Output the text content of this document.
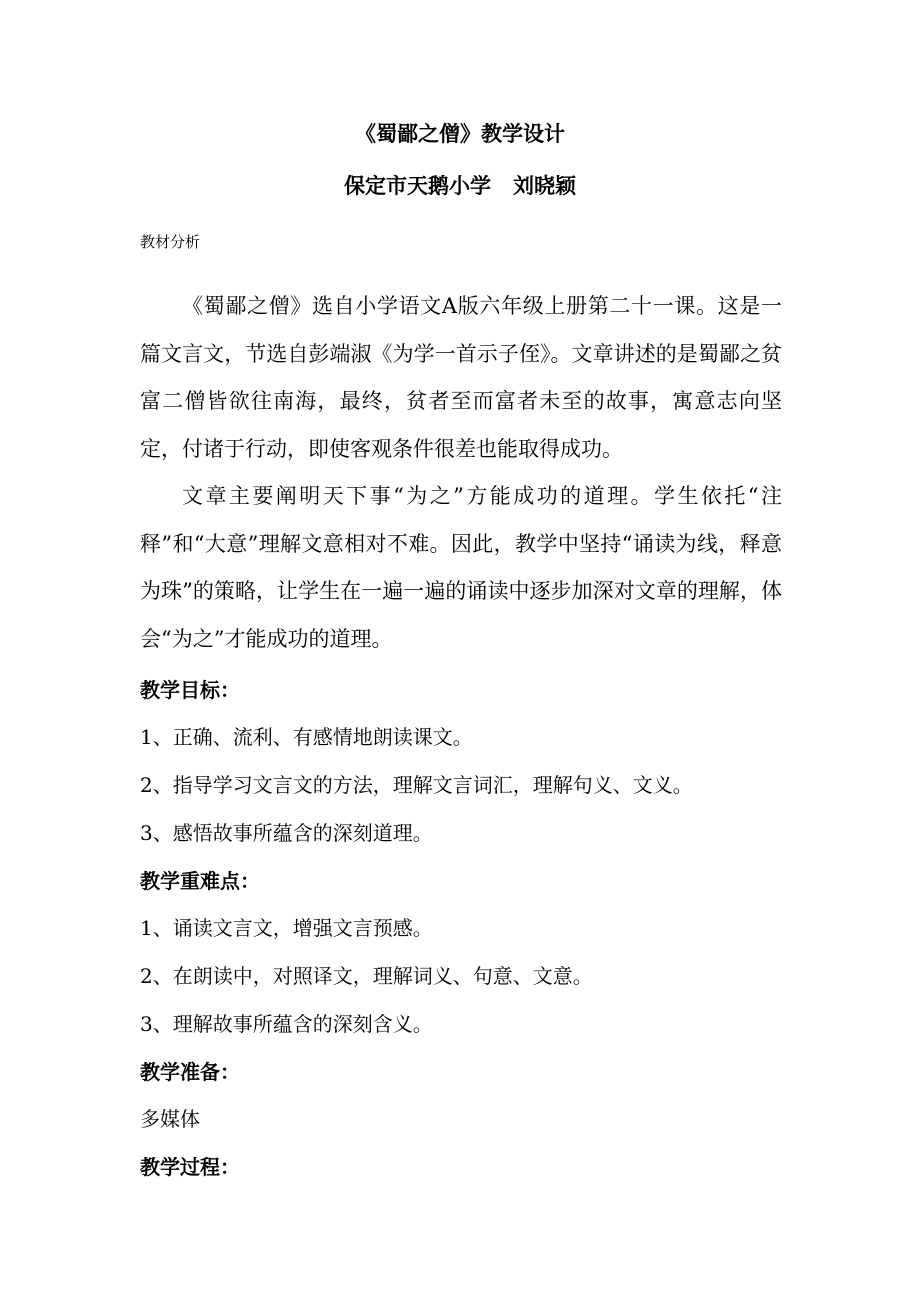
《蜀鄙之僧》教学设计
保定市天鹅小学 刘晓颖
教材分析

《蜀鄙之僧》选自小学语文A版六年级上册第二十一课。这是一篇文言文，节选自彭端淑《为学一首示子侄》。文章讲述的是蜀鄙之贫富二僧皆欲往南海，最终，贫者至而富者未至的故事，寓意志向坚定，付诸于行动，即使客观条件很差也能取得成功。

文章主要阐明天下事“为之”方能成功的道理。学生依托“注释”和“大意”理解文意相对不难。因此，教学中坚持“诵读为线，释意为珠”的策略，让学生在一遍一遍的诵读中逐步加深对文章的理解，体会“为之”才能成功的道理。

教学目标：
1、正确、流利、有感情地朗读课文。
2、指导学习文言文的方法，理解文言词汇，理解句义、文义。
3、感悟故事所蕴含的深刻道理。
教学重难点：
1、诵读文言文，增强文言预感。
2、在朗读中，对照译文，理解词义、句意、文意。
3、理解故事所蕴含的深刻含义。
教学准备：
多媒体
教学过程：
